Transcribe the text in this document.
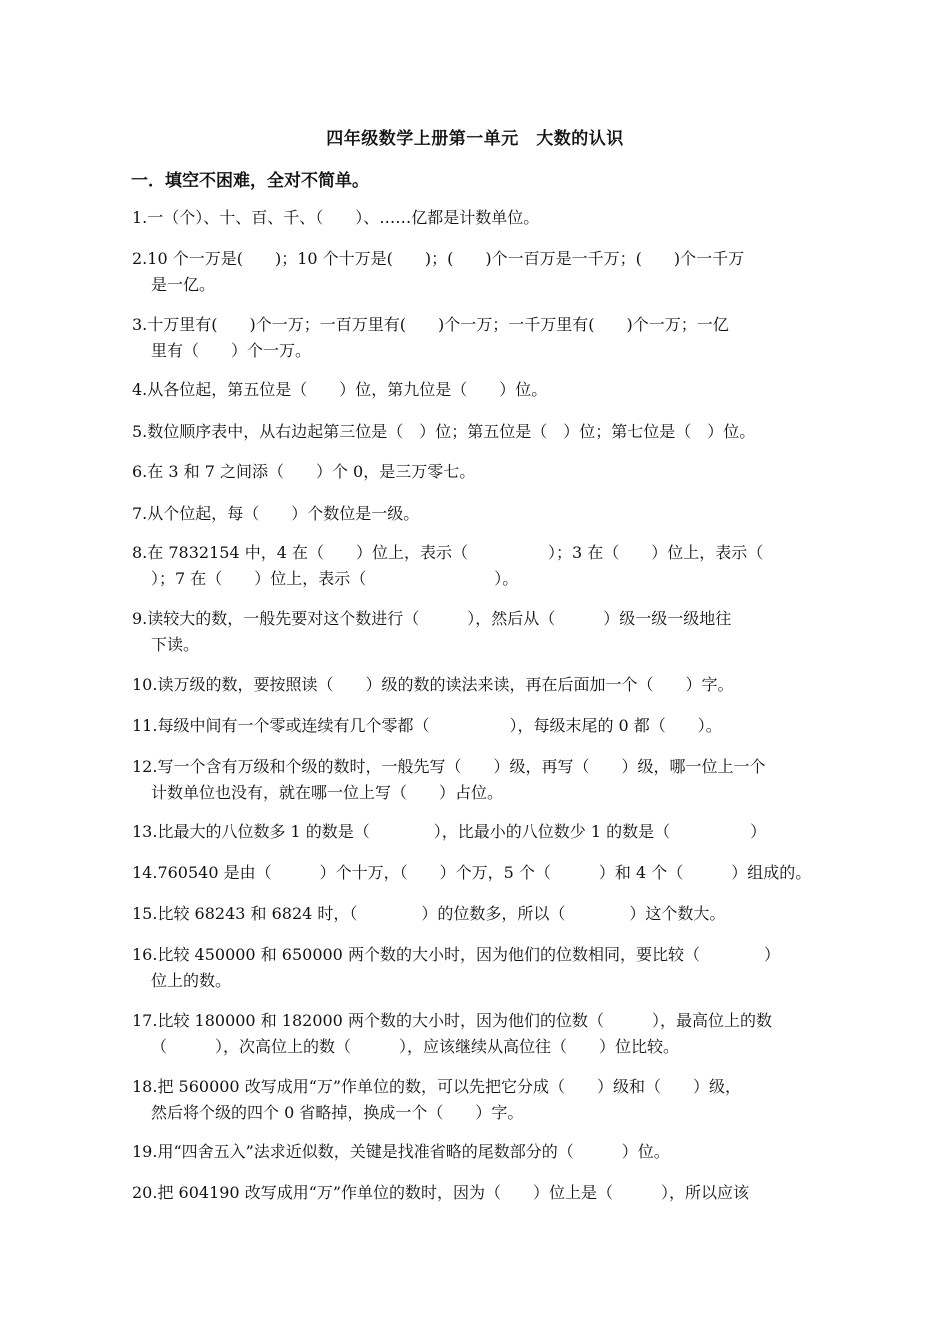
四年级数学上册第一单元　大数的认识
一．填空不困难，全对不简单。
1.一（个）、十、百、千、（　　）、……亿都是计数单位。
2.10 个一万是(　　)；10 个十万是(　　)；(　　)个一百万是一千万；(　　)个一千万
是一亿。
3.十万里有(　　)个一万；一百万里有(　　)个一万；一千万里有(　　)个一万；一亿
里有（　　）个一万。
4.从各位起，第五位是（　　）位，第九位是（　　）位。
5.数位顺序表中，从右边起第三位是（　）位；第五位是（　）位；第七位是（　）位。
6.在 3 和 7 之间添（　　）个 0，是三万零七。
7.从个位起，每（　　）个数位是一级。
8.在 7832154 中，4 在（　　）位上，表示（　　　　　）；3 在（　　）位上，表示（
）；7 在（　　）位上，表示（　　　　　　　　）。
9.读较大的数，一般先要对这个数进行（　　　），然后从（　　　）级一级一级地往
下读。
10.读万级的数，要按照读（　　）级的数的读法来读，再在后面加一个（　　）字。
11.每级中间有一个零或连续有几个零都（　　　　　），每级末尾的 0 都（　　）。
12.写一个含有万级和个级的数时，一般先写（　　）级，再写（　　）级，哪一位上一个
计数单位也没有，就在哪一位上写（　　）占位。
13.比最大的八位数多 1 的数是（　　　　），比最小的八位数少 1 的数是（　　　　　）
14.760540 是由（　　　）个十万，（　　）个万，5 个（　　　）和 4 个（　　　）组成的。
15.比较 68243 和 6824 时，（　　　　）的位数多，所以（　　　　）这个数大。
16.比较 450000 和 650000 两个数的大小时，因为他们的位数相同，要比较（　　　　）
位上的数。
17.比较 180000 和 182000 两个数的大小时，因为他们的位数（　　　），最高位上的数
（　　　），次高位上的数（　　　），应该继续从高位往（　　）位比较。
18.把 560000 改写成用“万”作单位的数，可以先把它分成（　　）级和（　　）级，
然后将个级的四个 0 省略掉，换成一个（　　）字。
19.用“四舍五入”法求近似数，关键是找准省略的尾数部分的（　　　）位。
20.把 604190 改写成用“万”作单位的数时，因为（　　）位上是（　　　），所以应该
